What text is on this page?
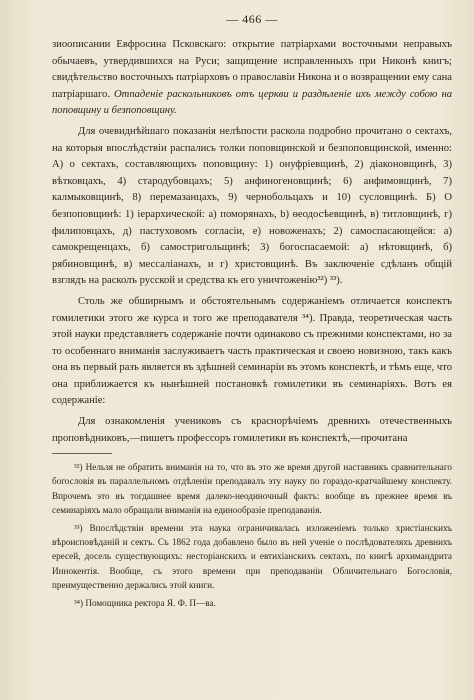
— 466 —

зиоописании Евфросина Псковскаго: открытие патріархами восточными неправыхъ обычаевъ, утвердившихся на Руси; защищение исправленныхъ при Никонѣ книгъ; свидѣтельство восточныхъ патріарховъ о православіи Никона и о возвращении ему сана патріаршаго. Отпаденіе раскольниковъ отъ церкви и раздѣленіе ихъ между собою на поповщину и безпоповщину.

Для очевиднѣйшаго показанія нелѣпости раскола подробно прочитано о сектахъ, на которыя впослѣдствіи распались толки поповщинской и безпоповщинской, именно: А) о сектахъ, составляющихъ поповщину: 1) онуфріевщинѣ, 2) діаконовщинѣ, 3) вѣтковцахъ, 4) стародубовцахъ; 5) анфиногеновщинѣ; 6) анфимовщинѣ, 7) калмыковщинѣ, 8) перемазанцахъ, 9) чернобольцахъ и 10) сусловщинѣ. Б) О безпоповщинѣ: 1) іерархической: а) поморянахъ, b) ѳеодосѣевщинѣ, в) титловщинѣ, г) филиповцахъ, д) пастуховомъ согласіи, е) новоженахъ; 2) самоспасающейся: а) самокрещенцахъ, б) самостригольщинѣ; 3) богоспасаемой: а) нѣтовщинѣ, б) рябиновщинѣ, в) мессаліанахъ, и г) христовщинѣ. Въ заключеніе сдѣланъ общій взглядъ на расколъ русской и средства къ его уничтоженію³²) ³³).

Столь же обширнымъ и обстоятельнымъ содержаніемъ отличается конспектъ гомилетики этого же курса и того же преподавателя ³⁴). Правда, теоретическая часть этой науки представляетъ содержаніе почти одинаково съ прежними конспектами, но за то особеннаго вниманія заслуживаетъ часть практическая и своею новизною, такъ какъ она въ первый разъ является въ здѣшней семинаріи въ этомъ конспектѣ, и тѣмъ еще, что она приближается къ нынѣшней постановкѣ гомилетики въ семинаріяхъ. Вотъ ея содержаніе:

Для ознакомленія учениковъ съ краснорѣчіемъ древнихъ отечественныхъ проповѣдниковъ,—пишетъ профессоръ гомилетики въ конспектѣ,—прочитана

³²) Нельзя не обратить вниманія на то, что въ это же время другой наставникъ сравнительнаго богословія въ параллельномъ отдѣленіи преподавалъ эту науку по гораздо-кратчайшему конспекту. Впрочемъ это въ тогдашнее время далеко-неодиночный фактъ: вообще въ прежнее время въ семинаріяхъ мало обращали вниманія на единообразіе преподаванія.

³³) Впослѣдствіи времени эта наука ограничивалась изложеніемъ только христіанскихъ вѣроисповѣданій и сектъ. Съ 1862 года добавлено было въ ней ученіе о послѣдователяхъ древнихъ ересей, досель существующихъ: несторіанскихъ и евтихіанскихъ сектахъ, по книгѣ архимандрита Иннокентія. Вообще, съ этого времени при преподаваніи Обличительнаго Богословія, преимущественно держались этой книги.

³⁴) Помощника ректора Я. Ф. П—ва.
